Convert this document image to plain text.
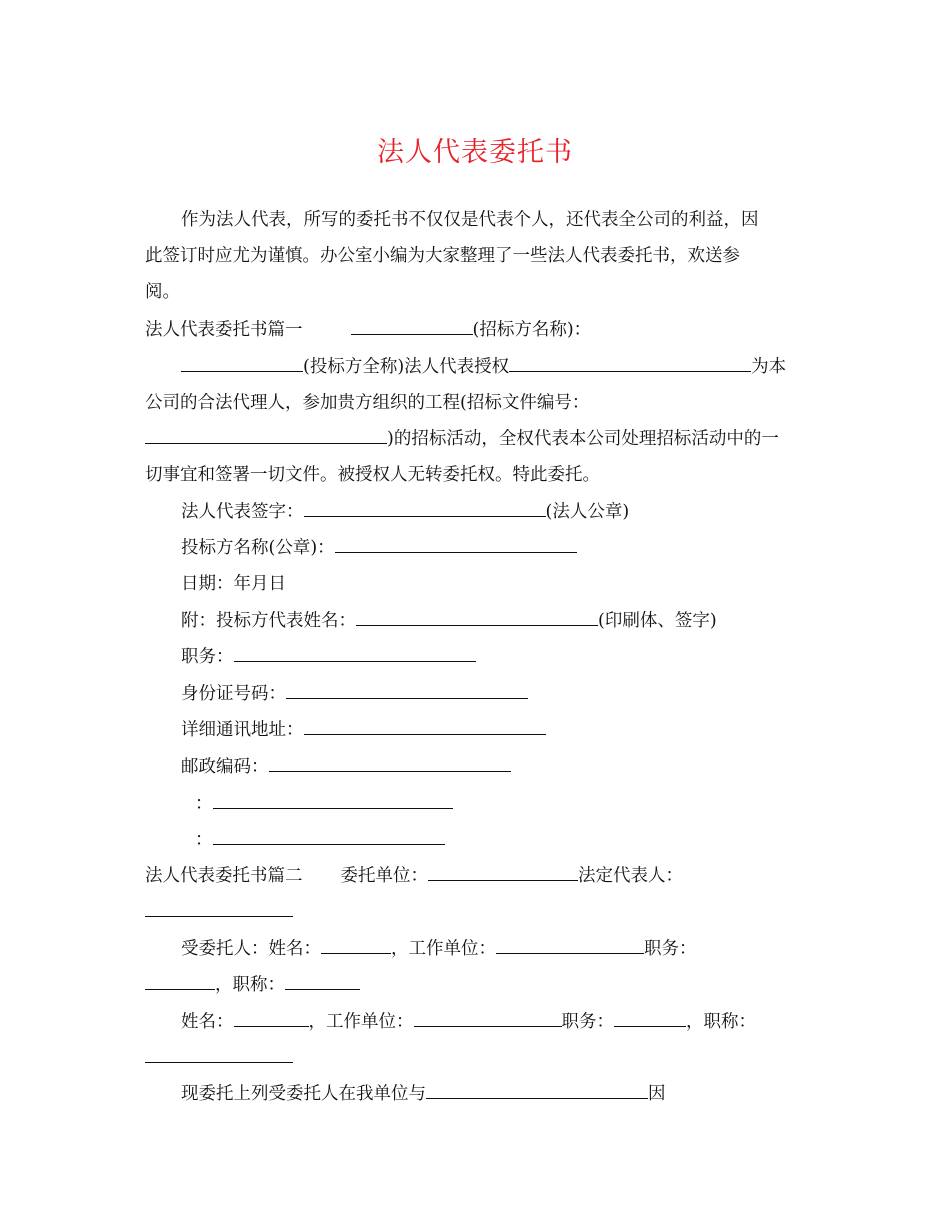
法人代表委托书
作为法人代表，所写的委托书不仅仅是代表个人，还代表全公司的利益，因
此签订时应尤为谨慎。办公室小编为大家整理了一些法人代表委托书，欢送参
阅。
法人代表委托书篇一	(招标方名称)：
(投标方全称)法人代表授权	为本
公司的合法代理人，参加贵方组织的工程(招标文件编号：
)的招标活动，全权代表本公司处理招标活动中的一
切事宜和签署一切文件。被授权人无转委托权。特此委托。
法人代表签字：	(法人公章)
投标方名称(公章)：
日期：年月日
附：投标方代表姓名：	(印刷体、签字)
职务：
身份证号码：
详细通讯地址：
邮政编码：
：
：
法人代表委托书篇二 委托单位：	法定代表人：
受委托人：姓名：	，工作单位：	职务：
，职称：
姓名：	，工作单位：	职务：	，职称：
现委托上列受委托人在我单位与	因
